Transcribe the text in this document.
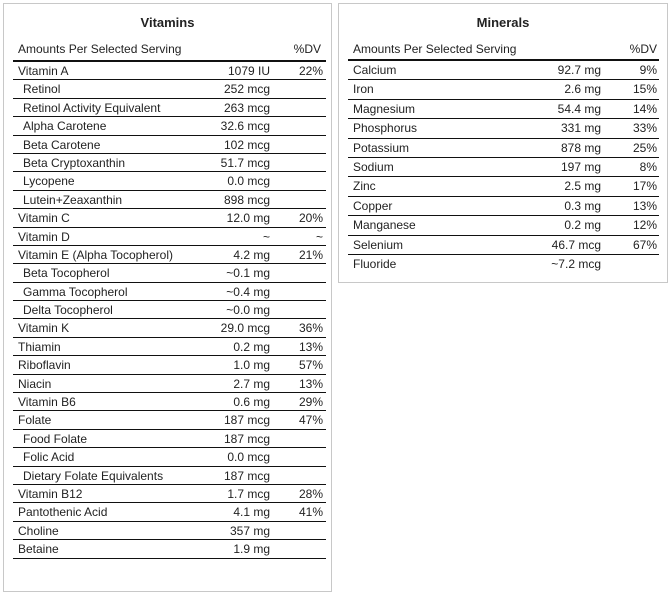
Vitamins
Amounts Per Selected Serving	%DV
Vitamin A	1079 IU 22%
Retinol	252 mcg
Retinol Activity Equivalent	263 mcg
Alpha Carotene	32.6 mcg
Beta Carotene	102 mcg
Beta Cryptoxanthin	51.7 mcg
Lycopene	0.0 mcg
Lutein+Zeaxanthin	898 mcg
Vitamin C	12.0 mg 20%
Vitamin D	~	~
Vitamin E (Alpha Tocopherol)	4.2 mg 21%
Beta Tocopherol	~0.1 mg
Gamma Tocopherol	~0.4 mg
Delta Tocopherol	~0.0 mg
Vitamin K	29.0 mcg 36%
Thiamin	0.2 mg 13%
Riboflavin	1.0 mg 57%
Niacin	2.7 mg 13%
Vitamin B6	0.6 mg 29%
Folate	187 mcg 47%
Food Folate	187 mcg
Folic Acid	0.0 mcg
Dietary Folate Equivalents	187 mcg
Vitamin B12	1.7 mcg 28%
Pantothenic Acid	4.1 mg 41%
Choline	357 mg
Betaine	1.9 mg
Minerals
Amounts Per Selected Serving	%DV
Calcium	92.7 mg	9%
Iron	2.6 mg	15%
Magnesium	54.4 mg	14%
Phosphorus	331 mg	33%
Potassium	878 mg	25%
Sodium	197 mg	8%
Zinc	2.5 mg	17%
Copper	0.3 mg	13%
Manganese	0.2 mg	12%
Selenium	46.7 mcg	67%
Fluoride	~7.2 mcg
